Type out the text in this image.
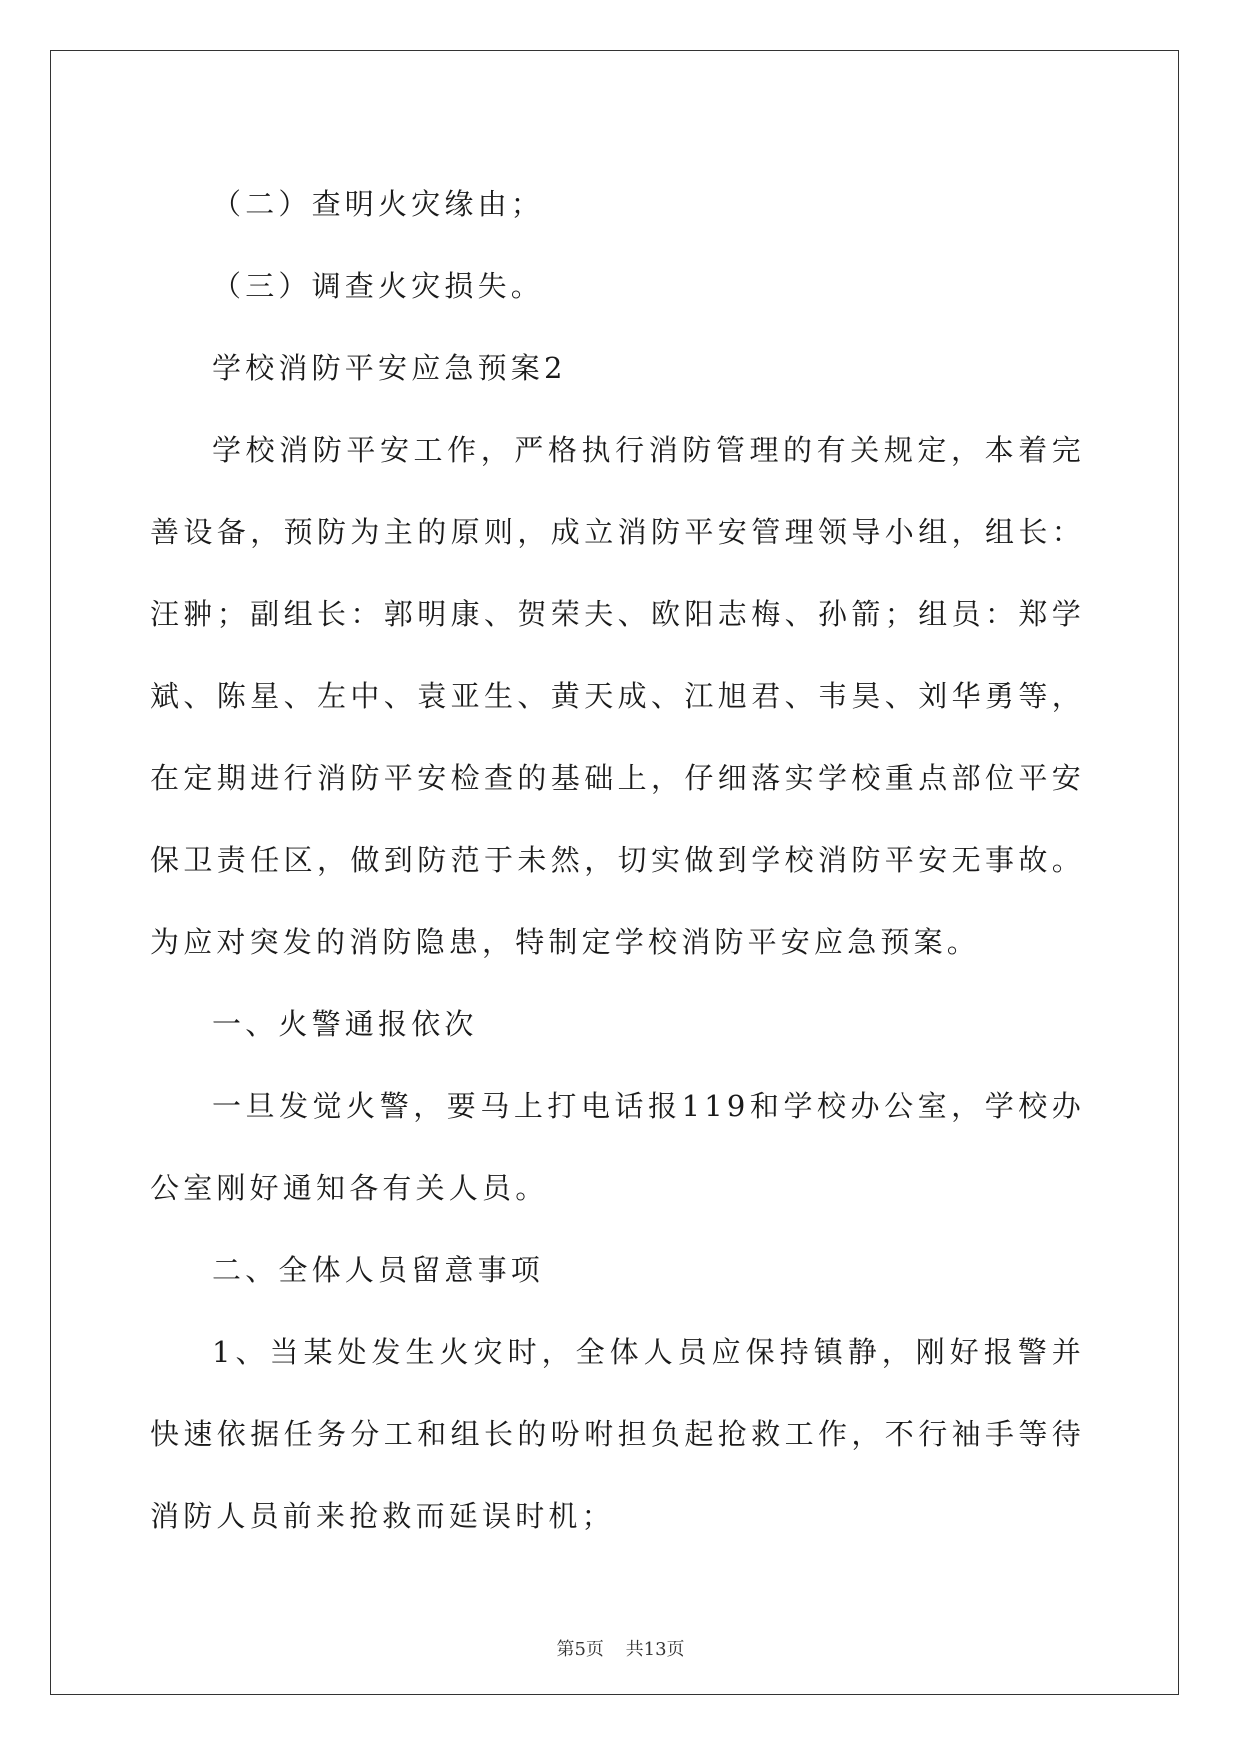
（二）查明火灾缘由；

（三）调查火灾损失。

学校消防平安应急预案2

学校消防平安工作，严格执行消防管理的有关规定，本着完善设备，预防为主的原则，成立消防平安管理领导小组，组长：汪翀；副组长：郭明康、贺荣夫、欧阳志梅、孙箭；组员：郑学斌、陈星、左中、袁亚生、黄天成、江旭君、韦昊、刘华勇等，在定期进行消防平安检查的基础上，仔细落实学校重点部位平安保卫责任区，做到防范于未然，切实做到学校消防平安无事故。为应对突发的消防隐患，特制定学校消防平安应急预案。

一、火警通报依次

一旦发觉火警，要马上打电话报119和学校办公室，学校办公室刚好通知各有关人员。

二、全体人员留意事项

1、当某处发生火灾时，全体人员应保持镇静，刚好报警并快速依据任务分工和组长的吩咐担负起抢救工作，不行袖手等待消防人员前来抢救而延误时机；

第5页 共13页
